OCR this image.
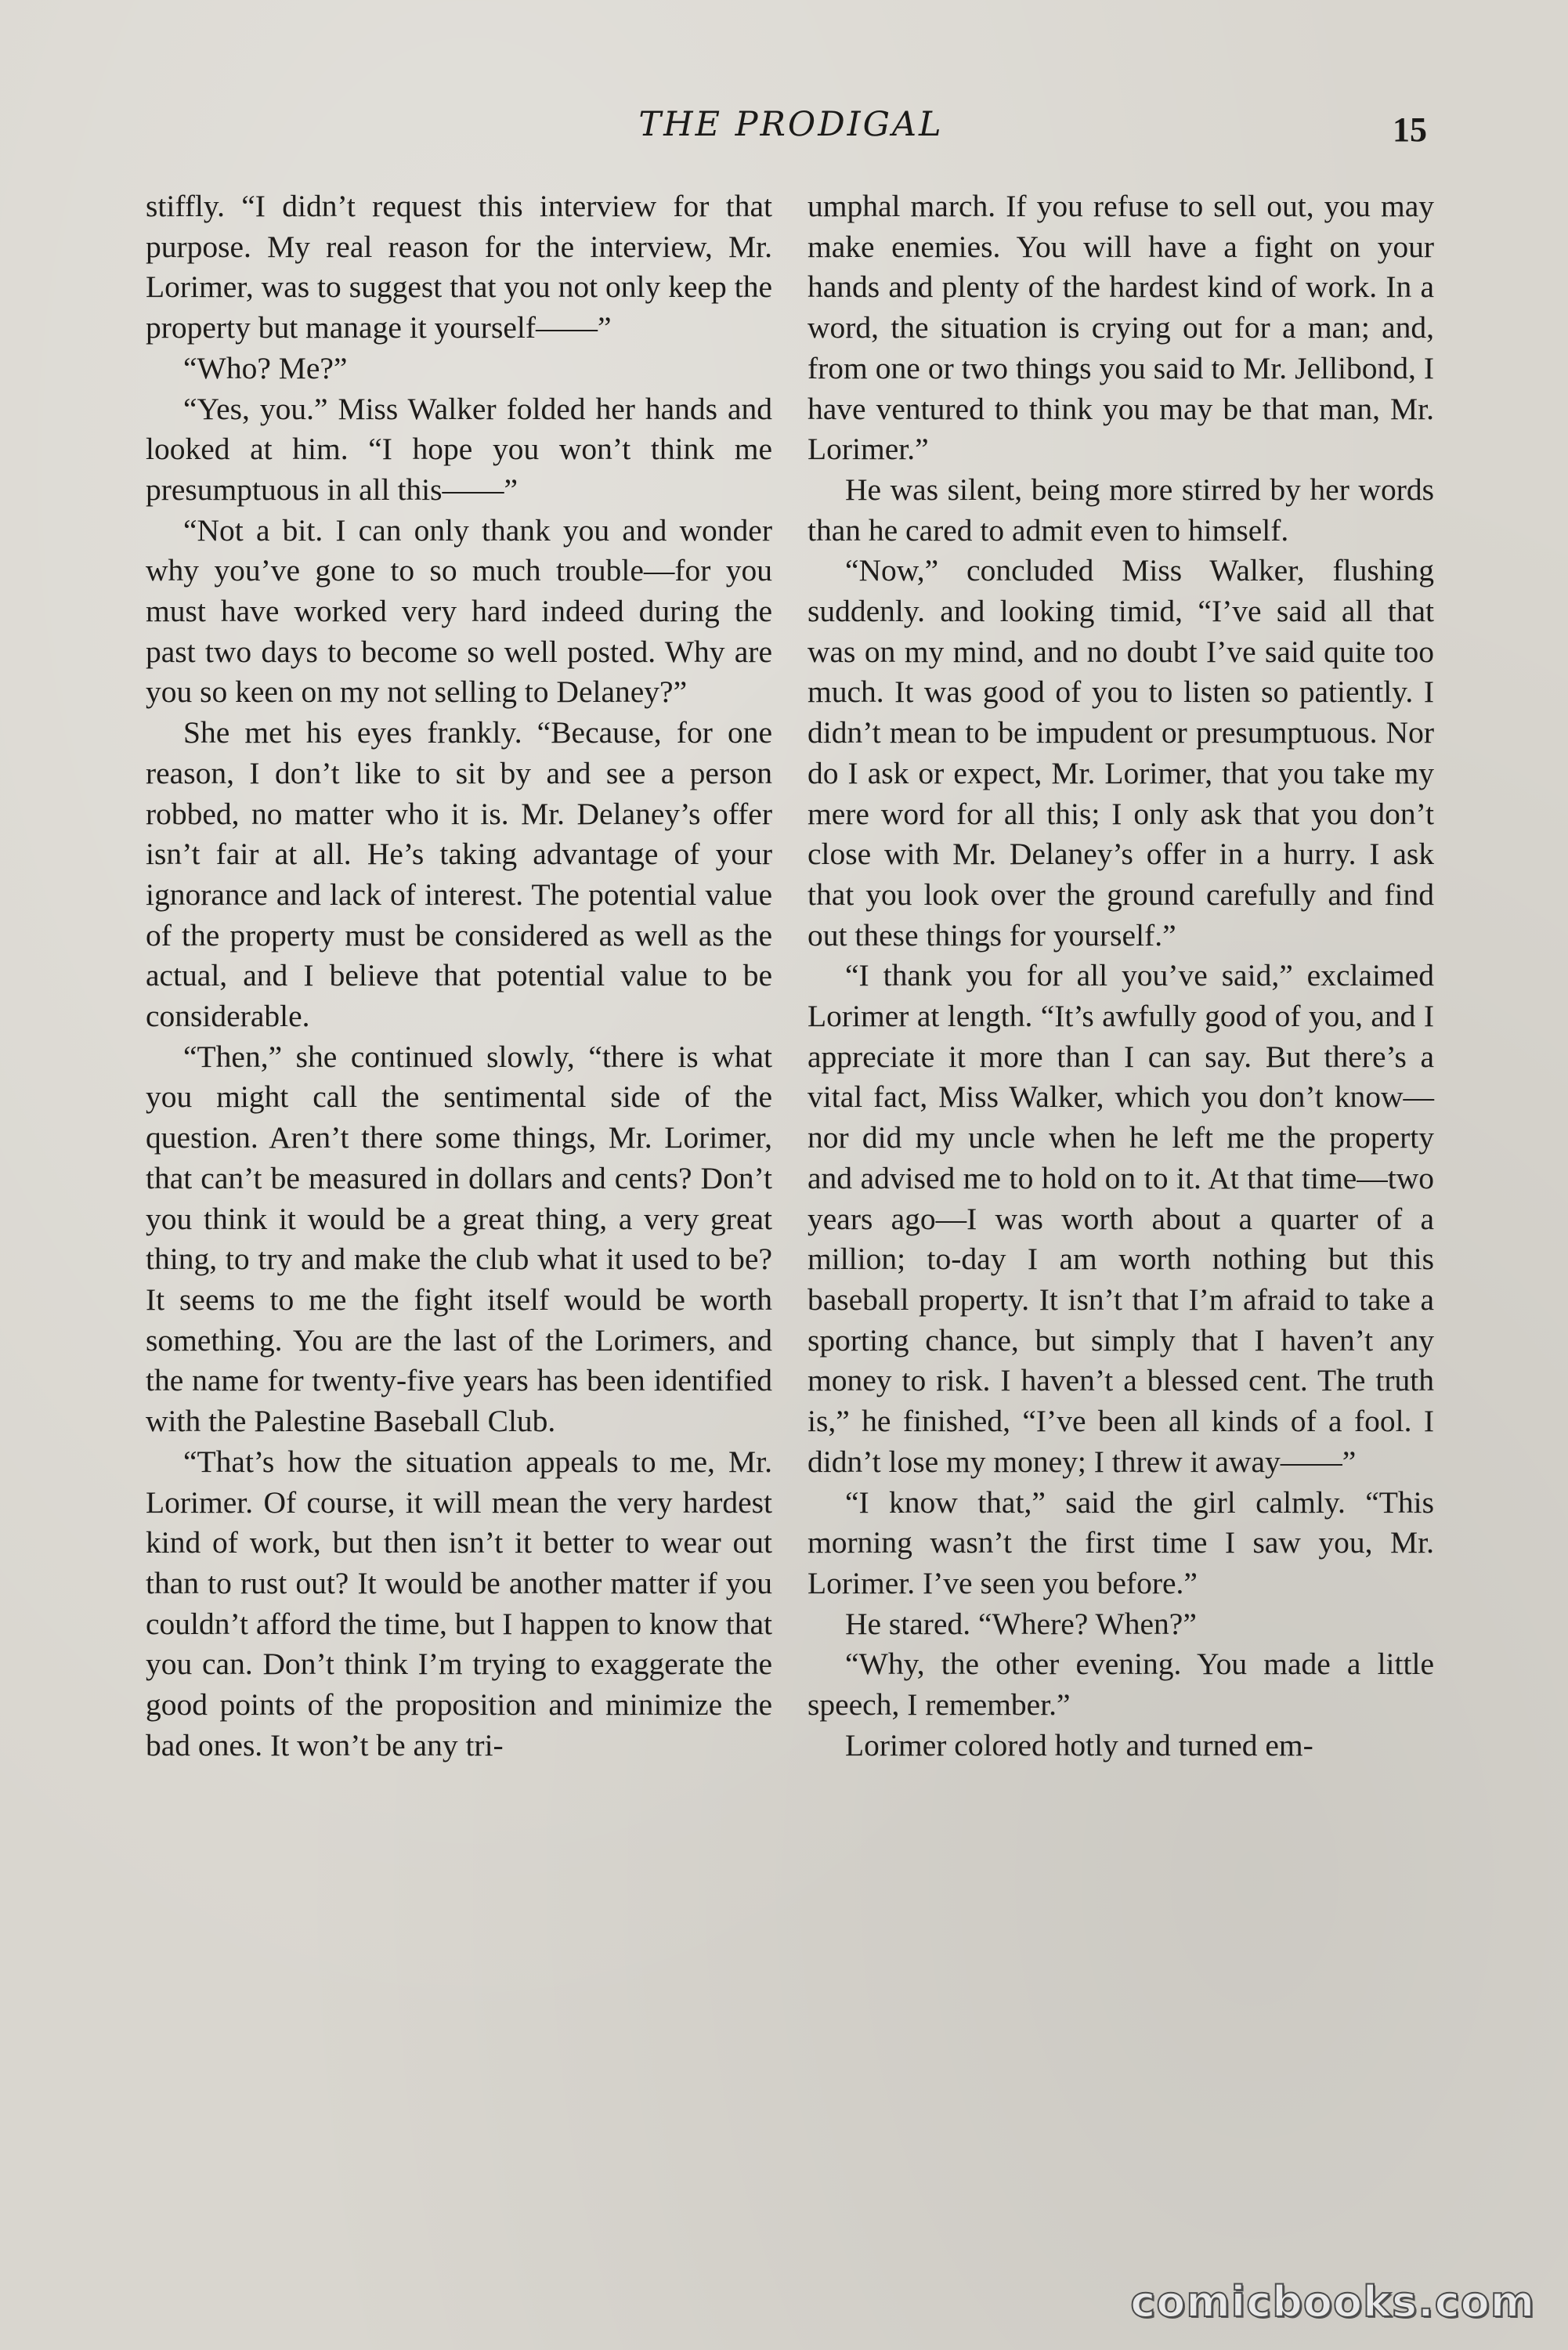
THE PRODIGAL	15

stiffly. “I didn’t request this interview for that purpose. My real reason for the interview, Mr. Lorimer, was to suggest that you not only keep the property but manage it yourself——”

“Who? Me?”

“Yes, you.” Miss Walker folded her hands and looked at him. “I hope you won’t think me presumptuous in all this——”

“Not a bit. I can only thank you and wonder why you’ve gone to so much trouble—for you must have worked very hard indeed during the past two days to become so well posted. Why are you so keen on my not selling to Delaney?”

She met his eyes frankly. “Because, for one reason, I don’t like to sit by and see a person robbed, no matter who it is. Mr. Delaney’s offer isn’t fair at all. He’s taking advantage of your ignorance and lack of interest. The potential value of the property must be considered as well as the actual, and I believe that potential value to be considerable.

“Then,” she continued slowly, “there is what you might call the sentimental side of the question. Aren’t there some things, Mr. Lorimer, that can’t be measured in dollars and cents? Don’t you think it would be a great thing, a very great thing, to try and make the club what it used to be? It seems to me the fight itself would be worth something. You are the last of the Lorimers, and the name for twenty-five years has been identified with the Palestine Baseball Club.

“That’s how the situation appeals to me, Mr. Lorimer. Of course, it will mean the very hardest kind of work, but then isn’t it better to wear out than to rust out? It would be another matter if you couldn’t afford the time, but I happen to know that you can. Don’t think I’m trying to exaggerate the good points of the proposition and minimize the bad ones. It won’t be any tri-

umphal march. If you refuse to sell out, you may make enemies. You will have a fight on your hands and plenty of the hardest kind of work. In a word, the situation is crying out for a man; and, from one or two things you said to Mr. Jellibond, I have ventured to think you may be that man, Mr. Lorimer.”

He was silent, being more stirred by her words than he cared to admit even to himself.

“Now,” concluded Miss Walker, flushing suddenly. and looking timid, “I’ve said all that was on my mind, and no doubt I’ve said quite too much. It was good of you to listen so patiently. I didn’t mean to be impudent or presumptuous. Nor do I ask or expect, Mr. Lorimer, that you take my mere word for all this; I only ask that you don’t close with Mr. Delaney’s offer in a hurry. I ask that you look over the ground carefully and find out these things for yourself.”

“I thank you for all you’ve said,” exclaimed Lorimer at length. “It’s awfully good of you, and I appreciate it more than I can say. But there’s a vital fact, Miss Walker, which you don’t know—nor did my uncle when he left me the property and advised me to hold on to it. At that time—two years ago—I was worth about a quarter of a million; to-day I am worth nothing but this baseball property. It isn’t that I’m afraid to take a sporting chance, but simply that I haven’t any money to risk. I haven’t a blessed cent. The truth is,” he finished, “I’ve been all kinds of a fool. I didn’t lose my money; I threw it away——”

“I know that,” said the girl calmly. “This morning wasn’t the first time I saw you, Mr. Lorimer. I’ve seen you before.”

He stared. “Where? When?”

“Why, the other evening. You made a little speech, I remember.”

Lorimer colored hotly and turned em-

comicbooks.com
